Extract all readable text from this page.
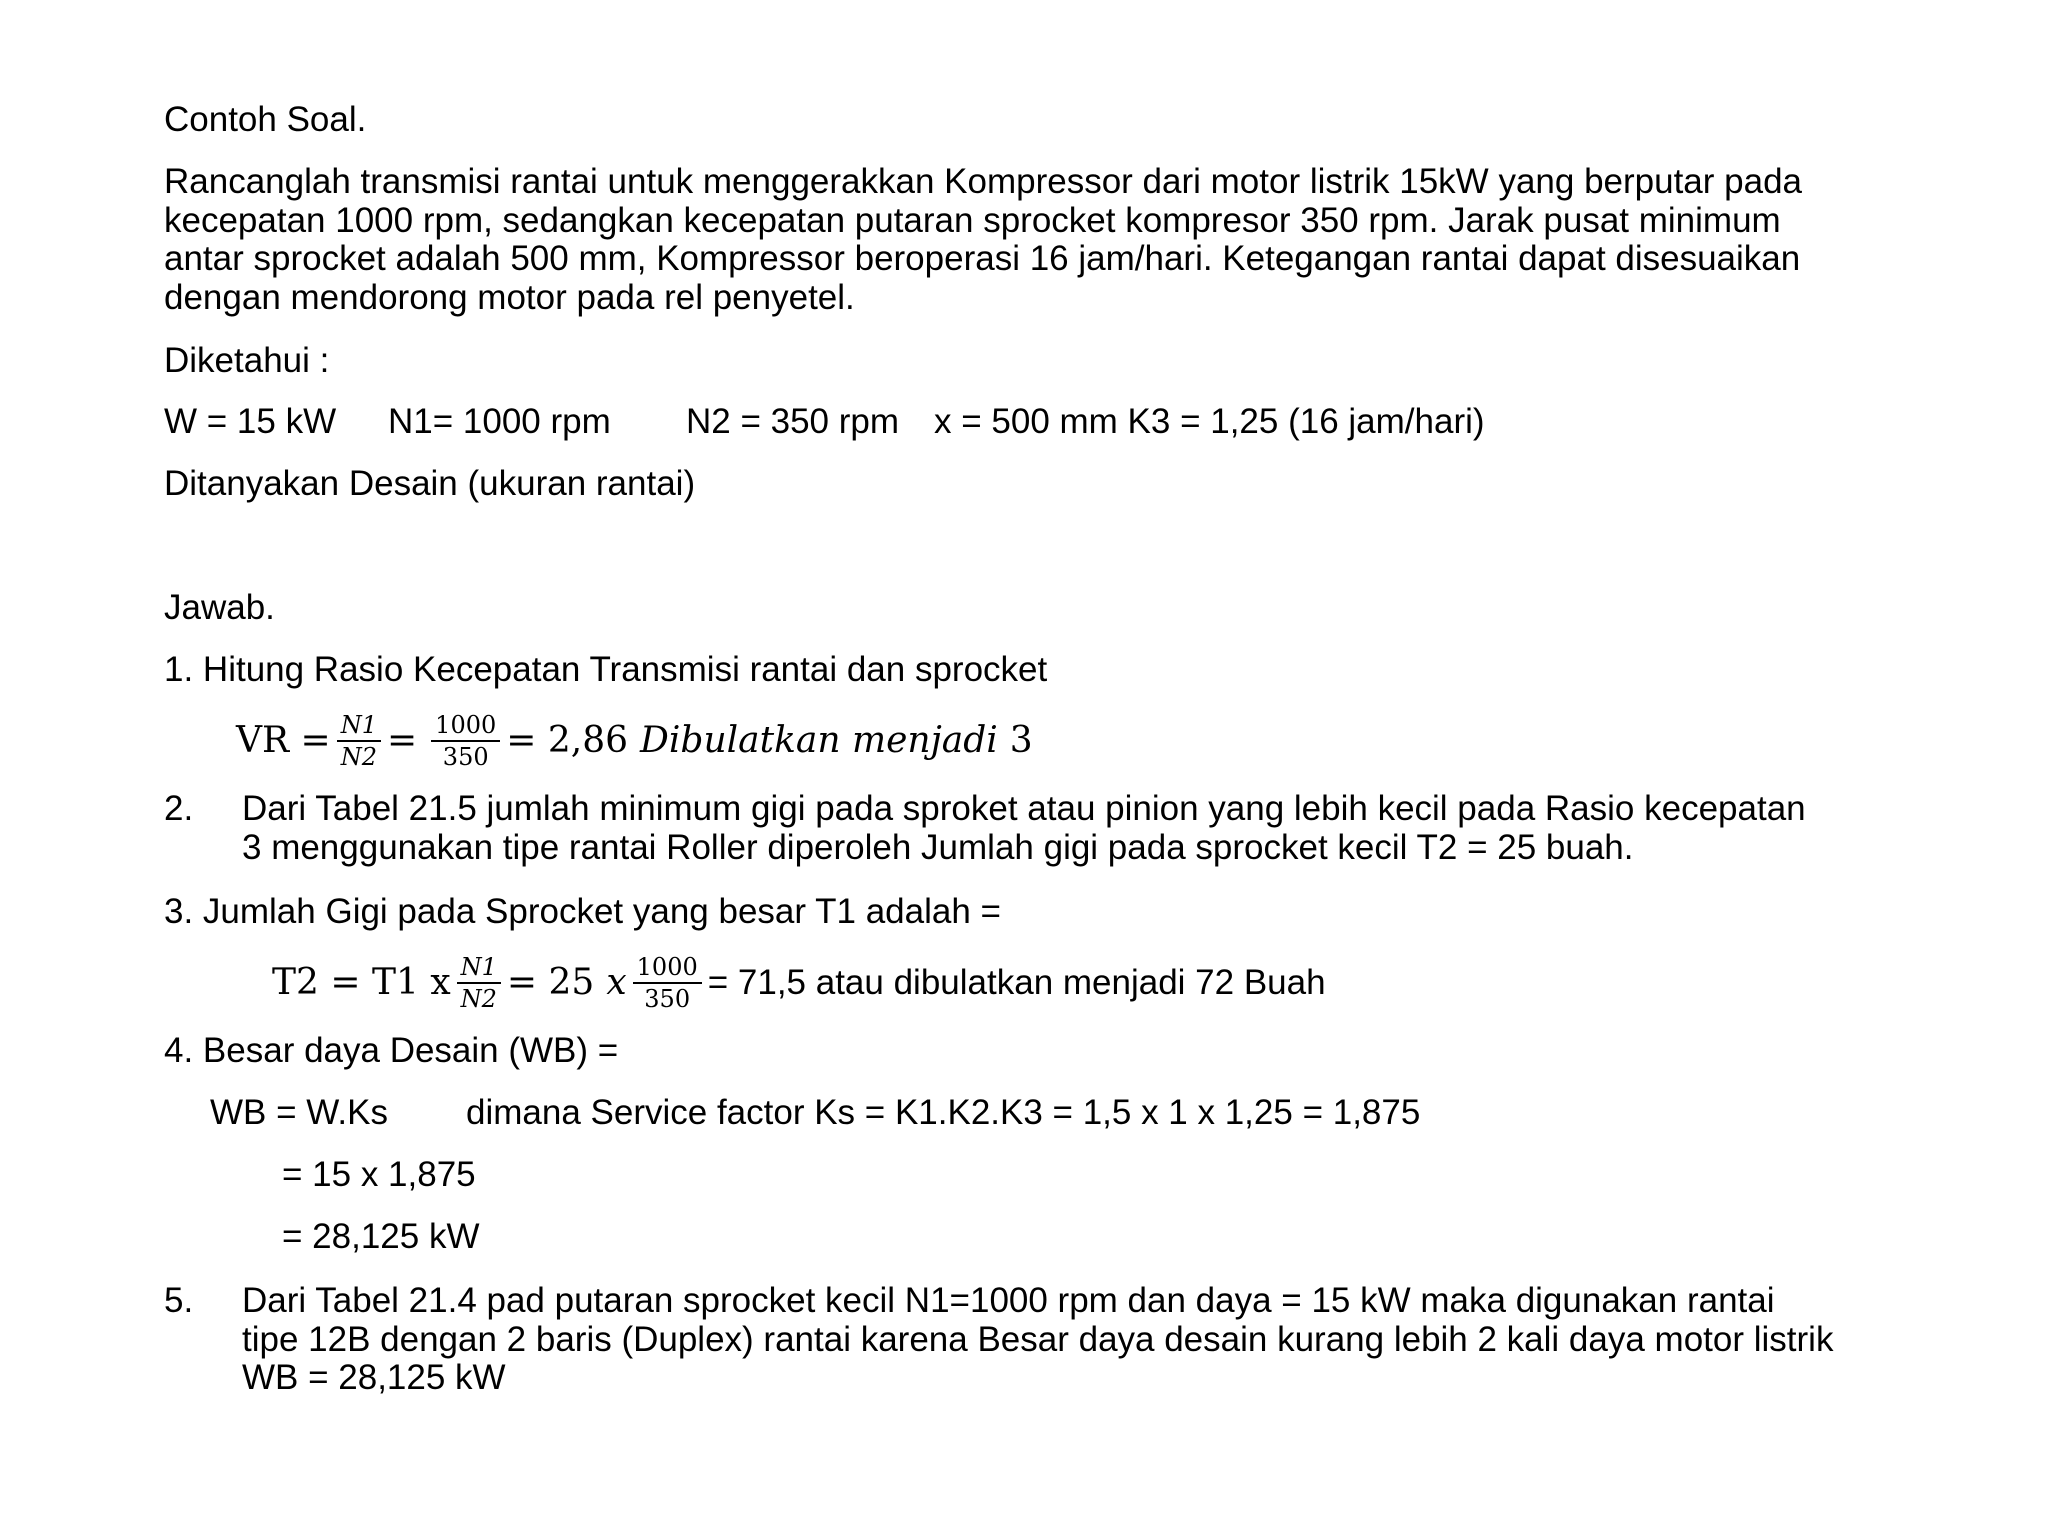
Contoh Soal.
Rancanglah transmisi rantai untuk menggerakkan Kompressor dari motor listrik 15kW yang berputar pada
kecepatan 1000 rpm, sedangkan kecepatan putaran sprocket kompresor 350 rpm. Jarak pusat minimum
antar sprocket adalah 500 mm, Kompressor beroperasi 16 jam/hari. Ketegangan rantai dapat disesuaikan
dengan mendorong motor pada rel penyetel.
Diketahui :
W = 15 kW N1= 1000 rpm N2 = 350 rpm x = 500 mm K3 = 1,25 (16 jam/hari)
Ditanyakan Desain (ukuran rantai)
Jawab.
1. Hitung Rasio Kecepatan Transmisi rantai dan sprocket
VR = $\frac{N1}{N2} = \frac{1000}{350} = 2,86$ Dibulatkan menjadi 3
2. Dari Tabel 21.5 jumlah minimum gigi pada sproket atau pinion yang lebih kecil pada Rasio kecepatan
3 menggunakan tipe rantai Roller diperoleh Jumlah gigi pada sprocket kecil T2 = 25 buah.
3. Jumlah Gigi pada Sprocket yang besar T1 adalah =
T2 = T1 x $\frac{N1}{N2} = 25$ x $\frac{1000}{350} = 71,5$ atau dibulatkan menjadi 72 Buah
4. Besar daya Desain (WB) =
WB = W.Ks dimana Service factor Ks = K1.K2.K3 = 1,5 x 1 x 1,25 = 1,875
= 15 x 1,875
= 28,125 kW
5. Dari Tabel 21.4 pad putaran sprocket kecil N1=1000 rpm dan daya = 15 kW maka digunakan rantai
tipe 12B dengan 2 baris (Duplex) rantai karena Besar daya desain kurang lebih 2 kali daya motor listrik
WB = 28,125 kW
